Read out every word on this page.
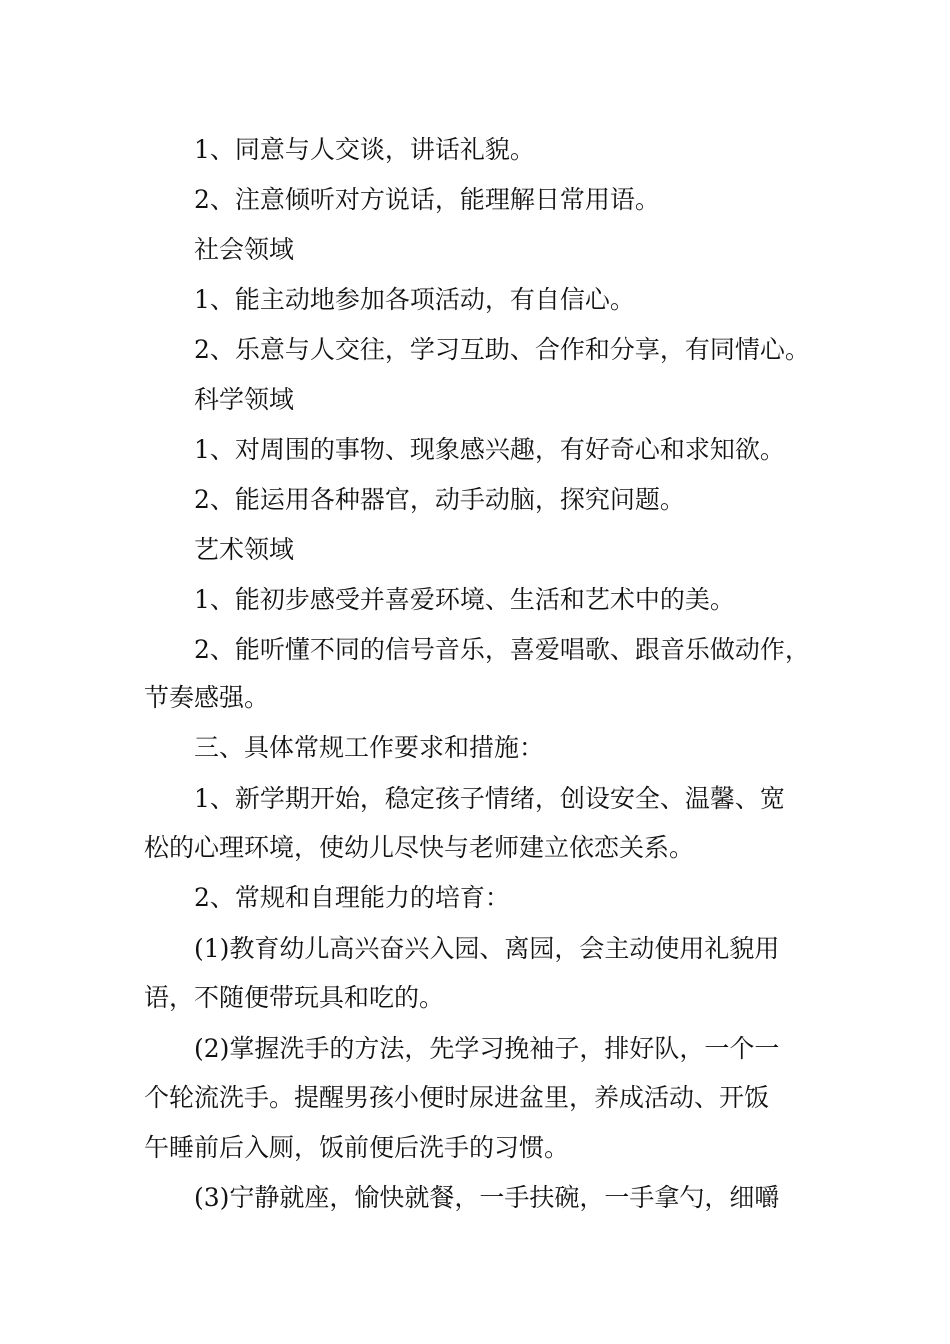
1、同意与人交谈，讲话礼貌。
2、注意倾听对方说话，能理解日常用语。
社会领域
1、能主动地参加各项活动，有自信心。
2、乐意与人交往，学习互助、合作和分享，有同情心。
科学领域
1、对周围的事物、现象感兴趣，有好奇心和求知欲。
2、能运用各种器官，动手动脑，探究问题。
艺术领域
1、能初步感受并喜爱环境、生活和艺术中的美。
2、能听懂不同的信号音乐，喜爱唱歌、跟音乐做动作，
节奏感强。
三、具体常规工作要求和措施：
1、新学期开始，稳定孩子情绪，创设安全、温馨、宽
松的心理环境，使幼儿尽快与老师建立依恋关系。
2、常规和自理能力的培育：
(1)教育幼儿高兴奋兴入园、离园，会主动使用礼貌用
语，不随便带玩具和吃的。
(2)掌握洗手的方法，先学习挽袖子，排好队，一个一
个轮流洗手。提醒男孩小便时尿进盆里，养成活动、开饭
午睡前后入厕，饭前便后洗手的习惯。
(3)宁静就座，愉快就餐，一手扶碗，一手拿勺，细嚼
